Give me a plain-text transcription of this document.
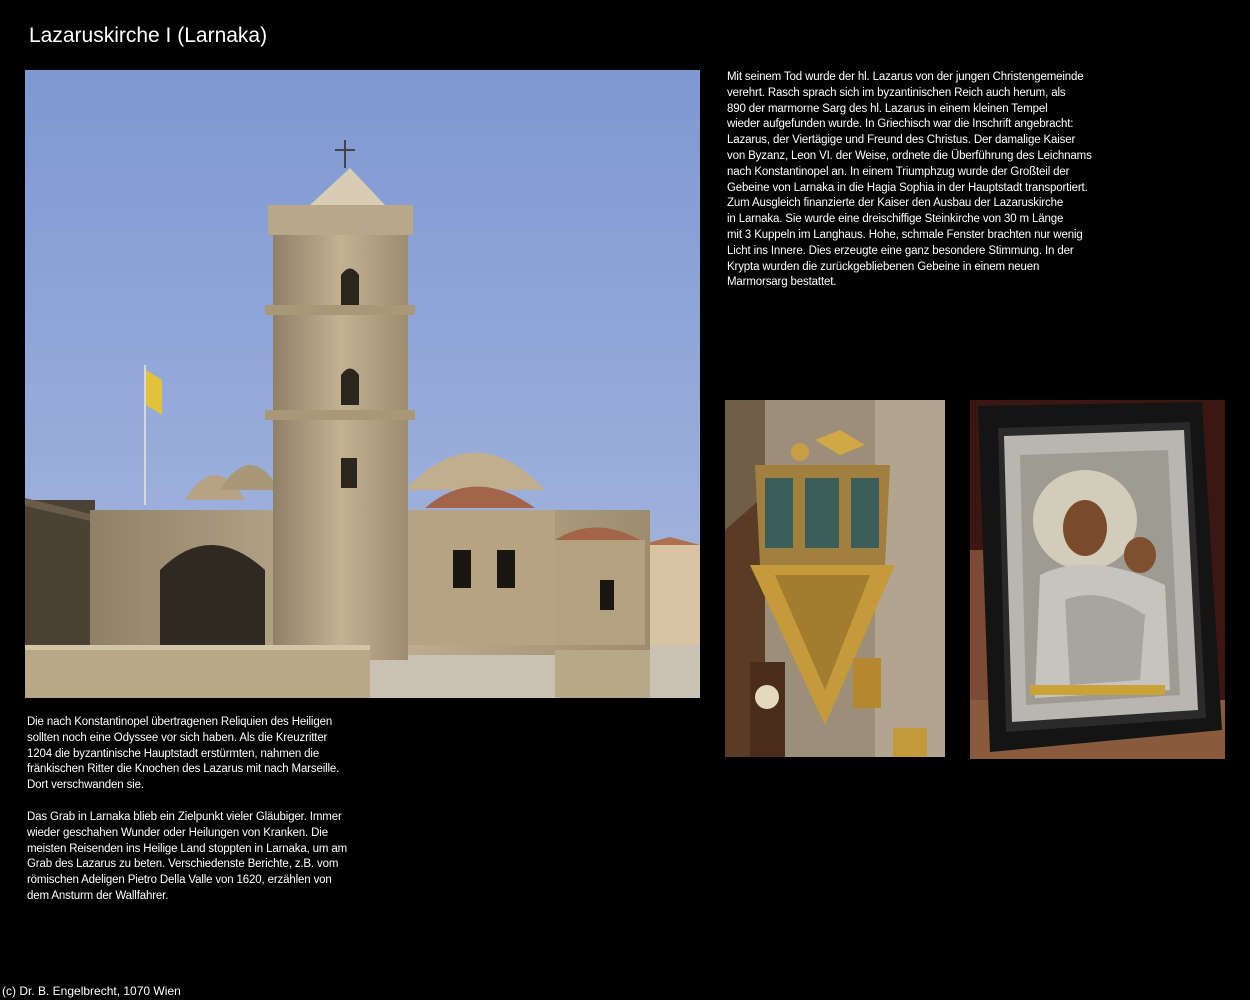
Lazaruskirche I (Larnaka)
Mit seinem Tod wurde der hl. Lazarus von der jungen Christengemeinde
verehrt. Rasch sprach sich im byzantinischen Reich auch herum, als
890 der marmorne Sarg des hl. Lazarus in einem kleinen Tempel
wieder aufgefunden wurde. In Griechisch war die Inschrift angebracht:
Lazarus, der Viertägige und Freund des Christus. Der damalige Kaiser
von Byzanz, Leon VI. der Weise, ordnete die Überführung des Leichnams
nach Konstantinopel an. In einem Triumphzug wurde der Großteil der
Gebeine von Larnaka in die Hagia Sophia in der Hauptstadt transportiert.
Zum Ausgleich finanzierte der Kaiser den Ausbau der Lazaruskirche
in Larnaka. Sie wurde eine dreischiffige Steinkirche von 30 m Länge
mit 3 Kuppeln im Langhaus. Hohe, schmale Fenster brachten nur wenig
Licht ins Innere. Dies erzeugte eine ganz besondere Stimmung. In der
Krypta wurden die zurückgebliebenen Gebeine in einem neuen
Marmorsarg bestattet.
Die nach Konstantinopel übertragenen Reliquien des Heiligen
sollten noch eine Odyssee vor sich haben. Als die Kreuzritter
1204 die byzantinische Hauptstadt erstürmten, nahmen die
fränkischen Ritter die Knochen des Lazarus mit nach Marseille.
Dort verschwanden sie.
Das Grab in Larnaka blieb ein Zielpunkt vieler Gläubiger. Immer
wieder geschahen Wunder oder Heilungen von Kranken. Die
meisten Reisenden ins Heilige Land stoppten in Larnaka, um am
Grab des Lazarus zu beten. Verschiedenste Berichte, z.B. vom
römischen Adeligen Pietro Della Valle von 1620, erzählen von
dem Ansturm der Wallfahrer.
(c) Dr. B. Engelbrecht, 1070 Wien
